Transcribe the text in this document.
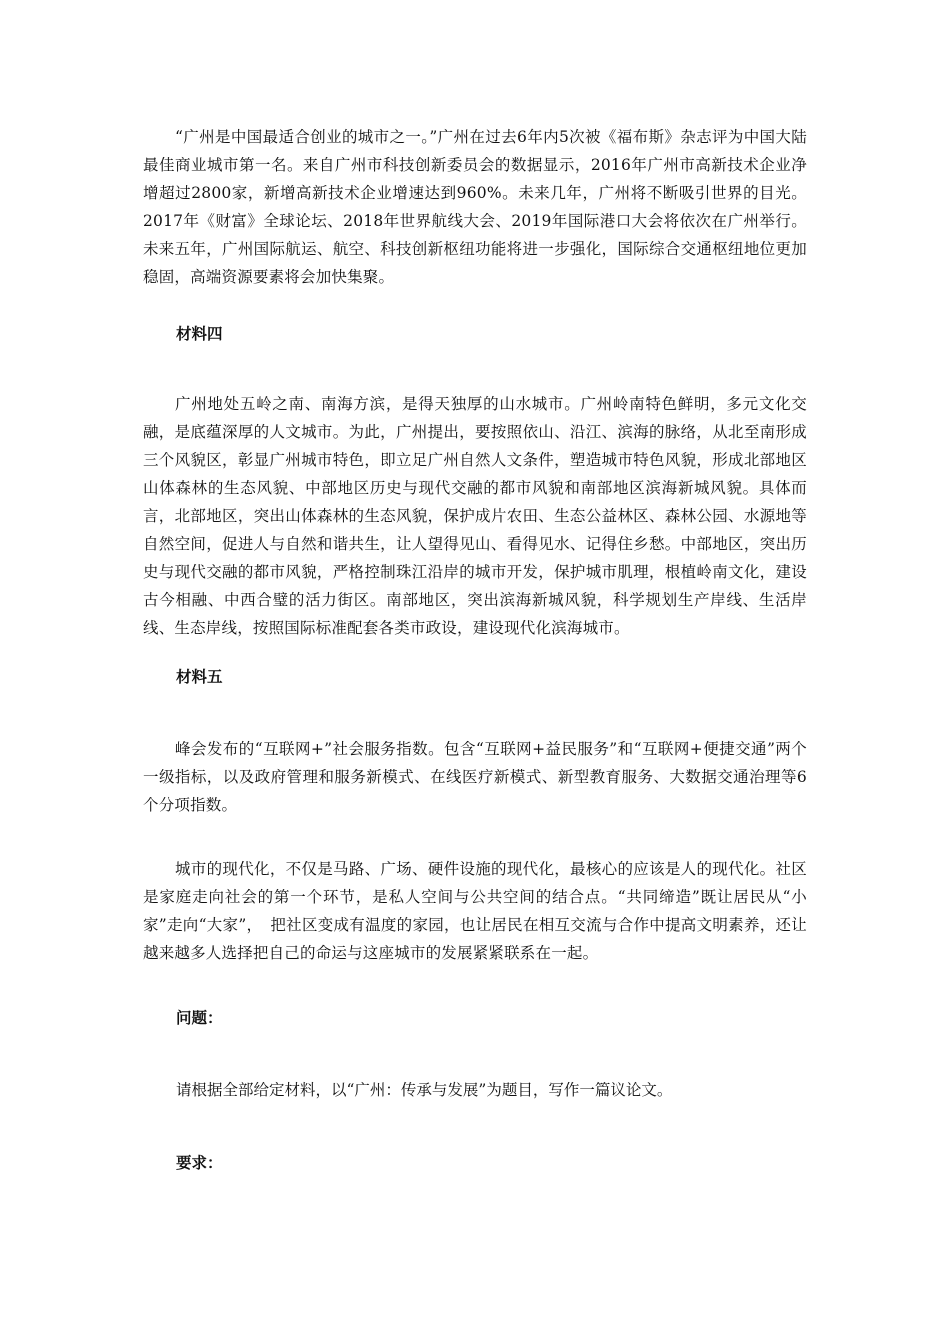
“广州是中国最适合创业的城市之一。”广州在过去6年内5次被《福布斯》杂志评为中国大陆最佳商业城市第一名。来自广州市科技创新委员会的数据显示，2016年广州市高新技术企业净增超过2800家，新增高新技术企业增速达到960%。未来几年，广州将不断吸引世界的目光。2017年《财富》全球论坛、2018年世界航线大会、2019年国际港口大会将依次在广州举行。未来五年，广州国际航运、航空、科技创新枢纽功能将进一步强化，国际综合交通枢纽地位更加稳固，高端资源要素将会加快集聚。

材料四

广州地处五岭之南、南海方滨，是得天独厚的山水城市。广州岭南特色鲜明，多元文化交融，是底蕴深厚的人文城市。为此，广州提出，要按照依山、沿江、滨海的脉络，从北至南形成三个风貌区，彰显广州城市特色，即立足广州自然人文条件，塑造城市特色风貌，形成北部地区山体森林的生态风貌、中部地区历史与现代交融的都市风貌和南部地区滨海新城风貌。具体而言，北部地区，突出山体森林的生态风貌，保护成片农田、生态公益林区、森林公园、水源地等自然空间，促进人与自然和谐共生，让人望得见山、看得见水、记得住乡愁。中部地区，突出历史与现代交融的都市风貌，严格控制珠江沿岸的城市开发，保护城市肌理，根植岭南文化，建设古今相融、中西合璧的活力街区。南部地区，突出滨海新城风貌，科学规划生产岸线、生活岸线、生态岸线，按照国际标准配套各类市政设，建设现代化滨海城市。

材料五

峰会发布的“互联网+”社会服务指数。包含“互联网+益民服务”和“互联网+便捷交通”两个一级指标，以及政府管理和服务新模式、在线医疗新模式、新型教育服务、大数据交通治理等6个分项指数。

城市的现代化，不仅是马路、广场、硬件设施的现代化，最核心的应该是人的现代化。社区是家庭走向社会的第一个环节，是私人空间与公共空间的结合点。“共同缔造”既让居民从“小家”走向“大家”，　把社区变成有温度的家园，也让居民在相互交流与合作中提高文明素养，还让越来越多人选择把自己的命运与这座城市的发展紧紧联系在一起。

问题：

请根据全部给定材料，以“广州：传承与发展”为题目，写作一篇议论文。

要求：
